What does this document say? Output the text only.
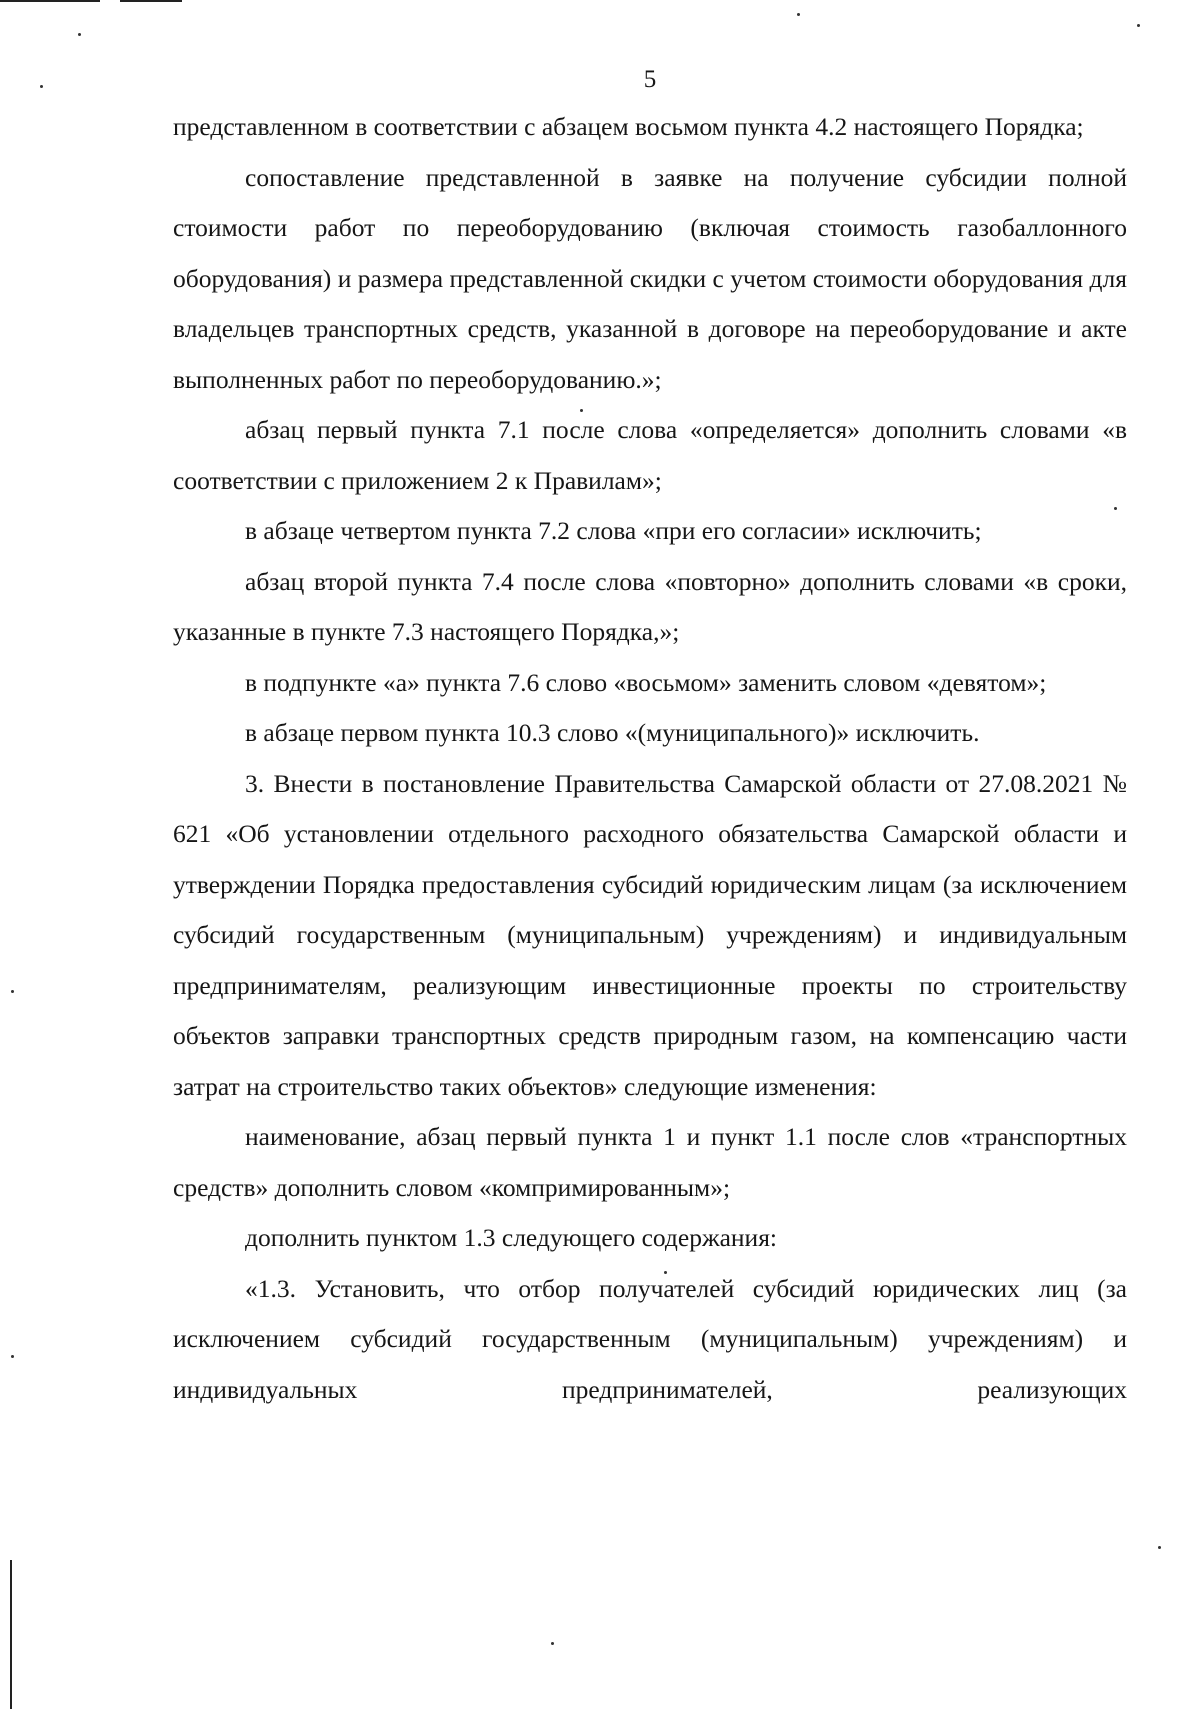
5

представленном в соответствии с абзацем восьмом пункта 4.2 настоящего Порядка;

сопоставление представленной в заявке на получение субсидии полной стоимости работ по переоборудованию (включая стоимость газобаллонного оборудования) и размера представленной скидки с учетом стоимости оборудования для владельцев транспортных средств, указанной в договоре на переоборудование и акте выполненных работ по переоборудованию.»;

абзац первый пункта 7.1 после слова «определяется» дополнить словами «в соответствии с приложением 2 к Правилам»;

в абзаце четвертом пункта 7.2 слова «при его согласии» исключить;

абзац второй пункта 7.4 после слова «повторно» дополнить словами «в сроки, указанные в пункте 7.3 настоящего Порядка,»;

в подпункте «а» пункта 7.6 слово «восьмом» заменить словом «девятом»;

в абзаце первом пункта 10.3 слово «(муниципального)» исключить.

3. Внести в постановление Правительства Самарской области от 27.08.2021 № 621 «Об установлении отдельного расходного обязательства Самарской области и утверждении Порядка предоставления субсидий юридическим лицам (за исключением субсидий государственным (муниципальным) учреждениям) и индивидуальным предпринимателям, реализующим инвестиционные проекты по строительству объектов заправки транспортных средств природным газом, на компенсацию части затрат на строительство таких объектов» следующие изменения:

наименование, абзац первый пункта 1 и пункт 1.1 после слов «транспортных средств» дополнить словом «компримированным»;

дополнить пунктом 1.3 следующего содержания:

«1.3. Установить, что отбор получателей субсидий юридических лиц (за исключением субсидий государственным (муниципальным) учреждениям) и индивидуальных предпринимателей, реализующих
